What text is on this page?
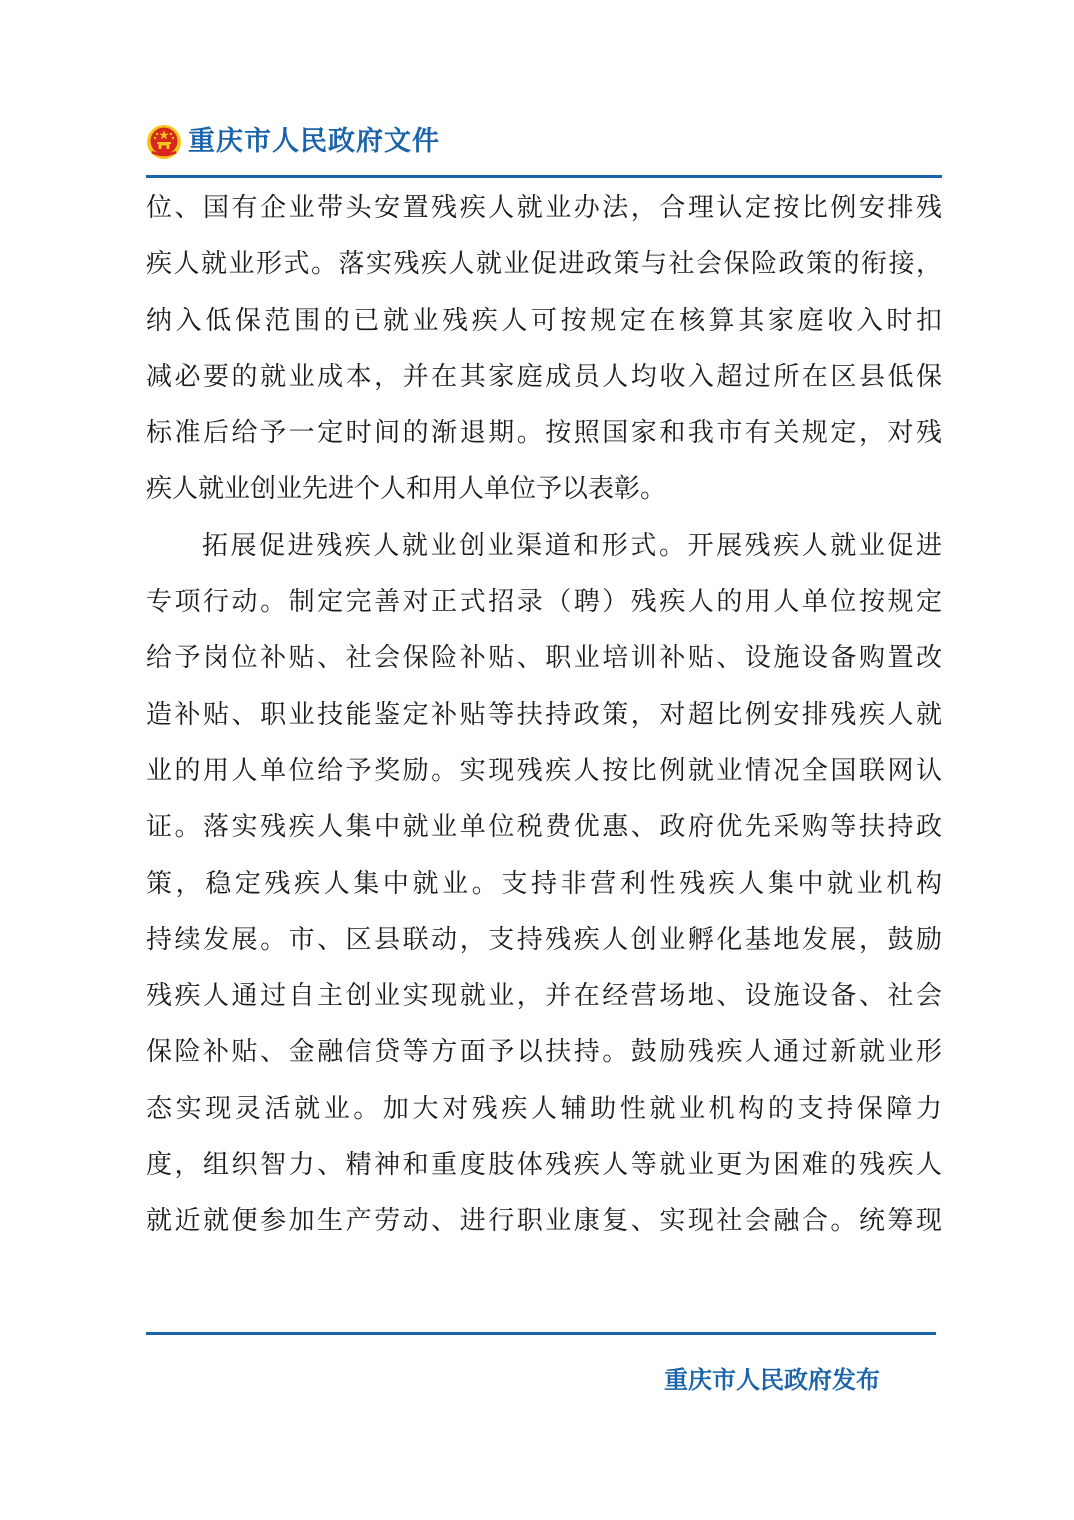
重庆市人民政府文件
位、国有企业带头安置残疾人就业办法，合理认定按比例安排残
疾人就业形式。落实残疾人就业促进政策与社会保险政策的衔接，
纳入低保范围的已就业残疾人可按规定在核算其家庭收入时扣
减必要的就业成本，并在其家庭成员人均收入超过所在区县低保
标准后给予一定时间的渐退期。按照国家和我市有关规定，对残
疾人就业创业先进个人和用人单位予以表彰。
拓展促进残疾人就业创业渠道和形式。开展残疾人就业促进
专项行动。制定完善对正式招录（聘）残疾人的用人单位按规定
给予岗位补贴、社会保险补贴、职业培训补贴、设施设备购置改
造补贴、职业技能鉴定补贴等扶持政策，对超比例安排残疾人就
业的用人单位给予奖励。实现残疾人按比例就业情况全国联网认
证。落实残疾人集中就业单位税费优惠、政府优先采购等扶持政
策，稳定残疾人集中就业。支持非营利性残疾人集中就业机构
持续发展。市、区县联动，支持残疾人创业孵化基地发展，鼓励
残疾人通过自主创业实现就业，并在经营场地、设施设备、社会
保险补贴、金融信贷等方面予以扶持。鼓励残疾人通过新就业形
态实现灵活就业。加大对残疾人辅助性就业机构的支持保障力
度，组织智力、精神和重度肢体残疾人等就业更为困难的残疾人
就近就便参加生产劳动、进行职业康复、实现社会融合。统筹现
重庆市人民政府发布
